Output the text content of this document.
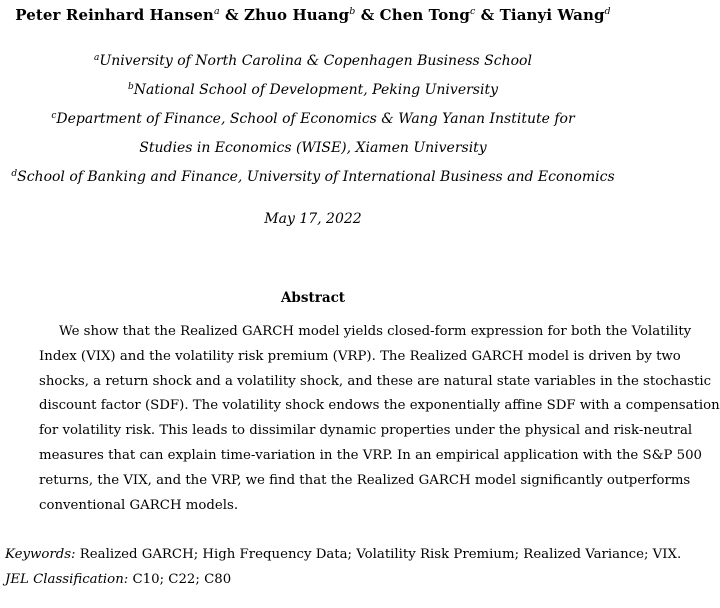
Peter Reinhard Hansen$^a$ & Zhuo Huang$^b$ & Chen Tong$^c$ & Tianyi Wang$^d$
$^a$University of North Carolina & Copenhagen Business School
$^b$National School of Development, Peking University
$^c$Department of Finance, School of Economics & Wang Yanan Institute for
Studies in Economics (WISE), Xiamen University
$^d$School of Banking and Finance, University of International Business and Economics
May 17, 2022
Abstract
We show that the Realized GARCH model yields closed-form expression for both the Volatility
Index (VIX) and the volatility risk premium (VRP). The Realized GARCH model is driven by two
shocks, a return shock and a volatility shock, and these are natural state variables in the stochastic
discount factor (SDF). The volatility shock endows the exponentially affine SDF with a compensation
for volatility risk. This leads to dissimilar dynamic properties under the physical and risk-neutral
measures that can explain time-variation in the VRP. In an empirical application with the S&P 500
returns, the VIX, and the VRP, we find that the Realized GARCH model significantly outperforms
conventional GARCH models.
Keywords: Realized GARCH; High Frequency Data; Volatility Risk Premium; Realized Variance; VIX.
JEL Classification: C10; C22; C80
